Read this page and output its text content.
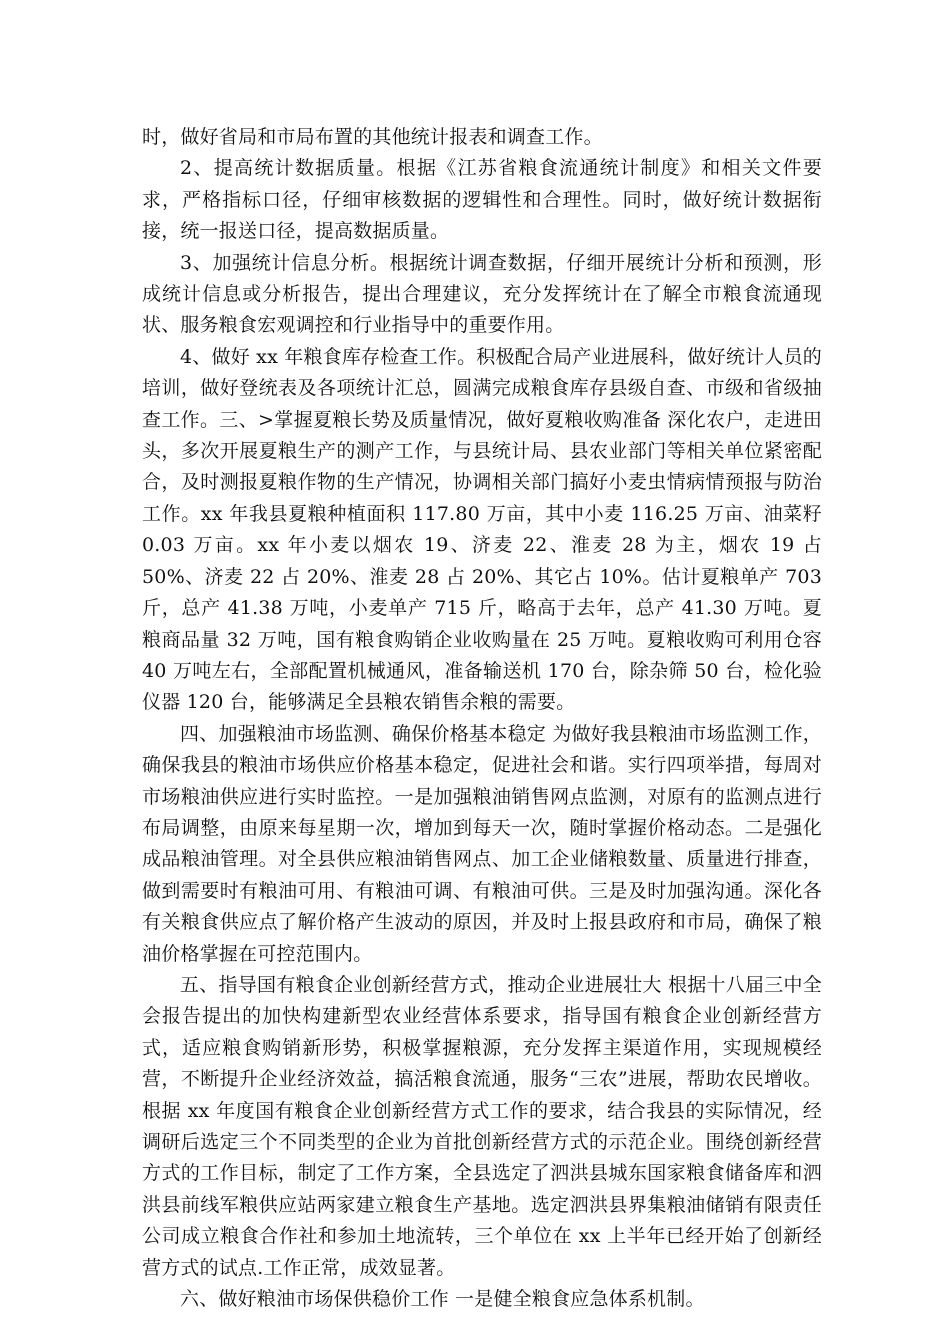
时，做好省局和市局布置的其他统计报表和调查工作。

2、提高统计数据质量。根据《江苏省粮食流通统计制度》和相关文件要求，严格指标口径，仔细审核数据的逻辑性和合理性。同时，做好统计数据衔接，统一报送口径，提高数据质量。

3、加强统计信息分析。根据统计调查数据，仔细开展统计分析和预测，形成统计信息或分析报告，提出合理建议，充分发挥统计在了解全市粮食流通现状、服务粮食宏观调控和行业指导中的重要作用。

4、做好 xx 年粮食库存检查工作。积极配合局产业进展科，做好统计人员的培训，做好登统表及各项统计汇总，圆满完成粮食库存县级自查、市级和省级抽查工作。三、>掌握夏粮长势及质量情况，做好夏粮收购准备 深化农户，走进田头，多次开展夏粮生产的测产工作，与县统计局、县农业部门等相关单位紧密配合，及时测报夏粮作物的生产情况，协调相关部门搞好小麦虫情病情预报与防治工作。xx 年我县夏粮种植面积 117.80 万亩，其中小麦 116.25 万亩、油菜籽 0.03 万亩。xx 年小麦以烟农 19、济麦 22、淮麦 28 为主，烟农 19 占 50%、济麦 22 占 20%、淮麦 28 占 20%、其它占 10%。估计夏粮单产 703 斤，总产 41.38 万吨，小麦单产 715 斤，略高于去年，总产 41.30 万吨。夏粮商品量 32 万吨，国有粮食购销企业收购量在 25 万吨。夏粮收购可利用仓容 40 万吨左右，全部配置机械通风，准备输送机 170 台，除杂筛 50 台，检化验仪器 120 台，能够满足全县粮农销售余粮的需要。

四、加强粮油市场监测、确保价格基本稳定 为做好我县粮油市场监测工作，确保我县的粮油市场供应价格基本稳定，促进社会和谐。实行四项举措，每周对市场粮油供应进行实时监控。一是加强粮油销售网点监测，对原有的监测点进行布局调整，由原来每星期一次，增加到每天一次，随时掌握价格动态。二是强化成品粮油管理。对全县供应粮油销售网点、加工企业储粮数量、质量进行排查，做到需要时有粮油可用、有粮油可调、有粮油可供。三是及时加强沟通。深化各有关粮食供应点了解价格产生波动的原因，并及时上报县政府和市局，确保了粮油价格掌握在可控范围内。

五、指导国有粮食企业创新经营方式，推动企业进展壮大 根据十八届三中全会报告提出的加快构建新型农业经营体系要求，指导国有粮食企业创新经营方式，适应粮食购销新形势，积极掌握粮源，充分发挥主渠道作用，实现规模经营，不断提升企业经济效益，搞活粮食流通，服务“三农”进展，帮助农民增收。根据 xx 年度国有粮食企业创新经营方式工作的要求，结合我县的实际情况，经调研后选定三个不同类型的企业为首批创新经营方式的示范企业。围绕创新经营方式的工作目标，制定了工作方案，全县选定了泗洪县城东国家粮食储备库和泗洪县前线军粮供应站两家建立粮食生产基地。选定泗洪县界集粮油储销有限责任公司成立粮食合作社和参加土地流转，三个单位在 xx 上半年已经开始了创新经营方式的试点.工作正常，成效显著。

六、做好粮油市场保供稳价工作 一是健全粮食应急体系机制。
